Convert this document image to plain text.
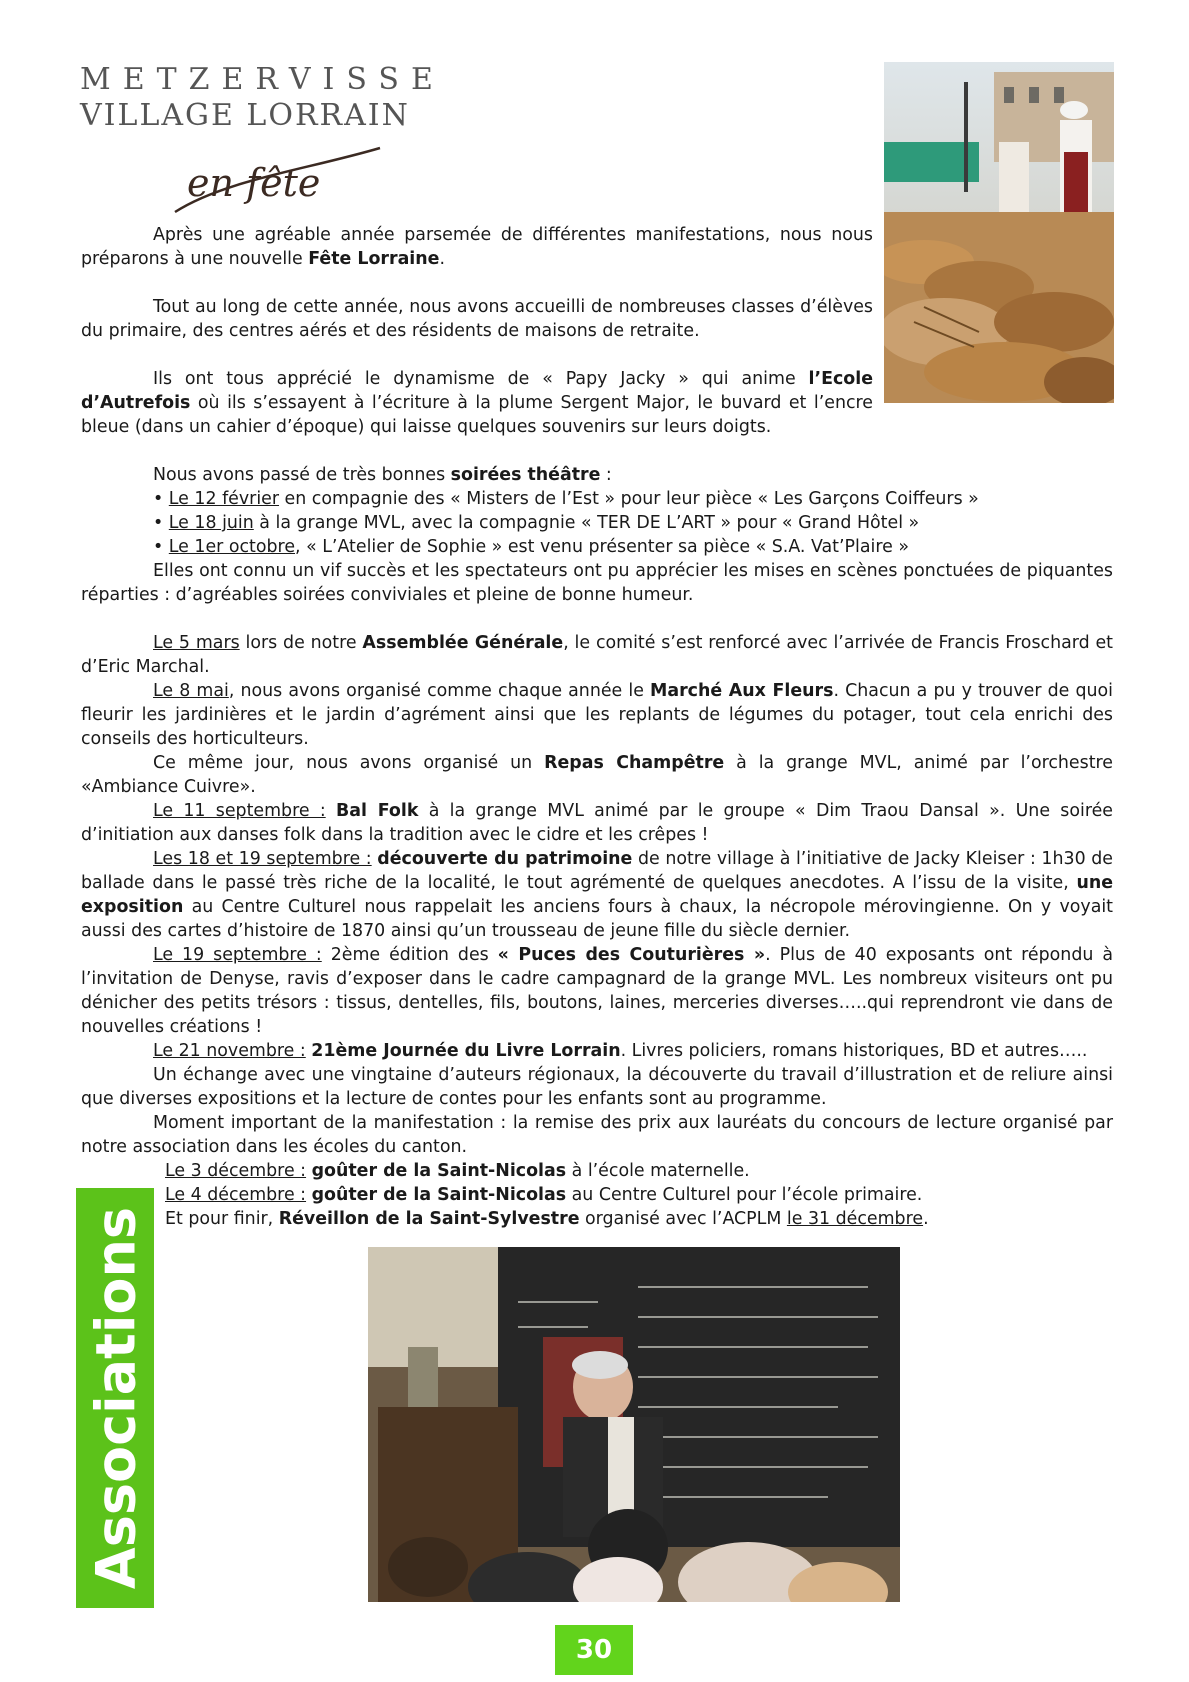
METZERVISSE
VILLAGE LORRAIN
en fête

Après une agréable année parsemée de différentes manifestations, nous nous préparons à une nouvelle Fête Lorraine.

Tout au long de cette année, nous avons accueilli de nombreuses classes d’élèves du primaire, des centres aérés et des résidents de maisons de retraite.

Ils ont tous apprécié le dynamisme de « Papy Jacky » qui anime l’Ecole d’Autrefois où ils s’essayent à l’écriture à la plume Sergent Major, le buvard et l’encre bleue (dans un cahier d’époque) qui laisse quelques souvenirs sur leurs doigts.

Nous avons passé de très bonnes soirées théâtre :

• Le 12 février en compagnie des « Misters de l’Est » pour leur pièce « Les Garçons Coiffeurs »

• Le 18 juin à la grange MVL, avec la compagnie « TER DE L’ART » pour « Grand Hôtel »

• Le 1er octobre, « L’Atelier de Sophie » est venu présenter sa pièce « S.A. Vat’Plaire »

Elles ont connu un vif succès et les spectateurs ont pu apprécier les mises en scènes ponctuées de piquantes réparties : d’agréables soirées conviviales et pleine de bonne humeur.

Le 5 mars lors de notre Assemblée Générale, le comité s’est renforcé avec l’arrivée de Francis Froschard et d’Eric Marchal.

Le 8 mai, nous avons organisé comme chaque année le Marché Aux Fleurs. Chacun a pu y trouver de quoi fleurir les jardinières et le jardin d’agrément ainsi que les replants de légumes du potager, tout cela enrichi des conseils des horticulteurs.

Ce même jour, nous avons organisé un Repas Champêtre à la grange MVL, animé par l’orchestre «Ambiance Cuivre».

Le 11 septembre : Bal Folk à la grange MVL animé par le groupe « Dim Traou Dansal ». Une soirée d’initiation aux danses folk dans la tradition avec le cidre et les crêpes !

Les 18 et 19 septembre : découverte du patrimoine de notre village à l’initiative de Jacky Kleiser : 1h30 de ballade dans le passé très riche de la localité, le tout agrémenté de quelques anecdotes. A l’issu de la visite, une exposition au Centre Culturel nous rappelait les anciens fours à chaux, la nécropole mérovingienne. On y voyait aussi des cartes d’histoire de 1870 ainsi qu’un trousseau de jeune fille du siècle dernier.

Le 19 septembre : 2ème édition des « Puces des Couturières ». Plus de 40 exposants ont répondu à l’invitation de Denyse, ravis d’exposer dans le cadre campagnard de la grange MVL. Les nombreux visiteurs ont pu dénicher des petits trésors : tissus, dentelles, fils, boutons, laines, merceries diverses…..qui reprendront vie dans de nouvelles créations !

Le 21 novembre : 21ème Journée du Livre Lorrain. Livres policiers, romans historiques, BD et autres…..

Un échange avec une vingtaine d’auteurs régionaux, la découverte du travail d’illustration et de reliure ainsi que diverses expositions et la lecture de contes pour les enfants sont au programme.

Moment important de la manifestation : la remise des prix aux lauréats du concours de lecture organisé par notre association dans les écoles du canton.

Le 3 décembre : goûter de la Saint-Nicolas à l’école maternelle.

Le 4 décembre : goûter de la Saint-Nicolas au Centre Culturel pour l’école primaire.

Et pour finir, Réveillon de la Saint-Sylvestre organisé avec l’ACPLM le 31 décembre.

Associations
30
